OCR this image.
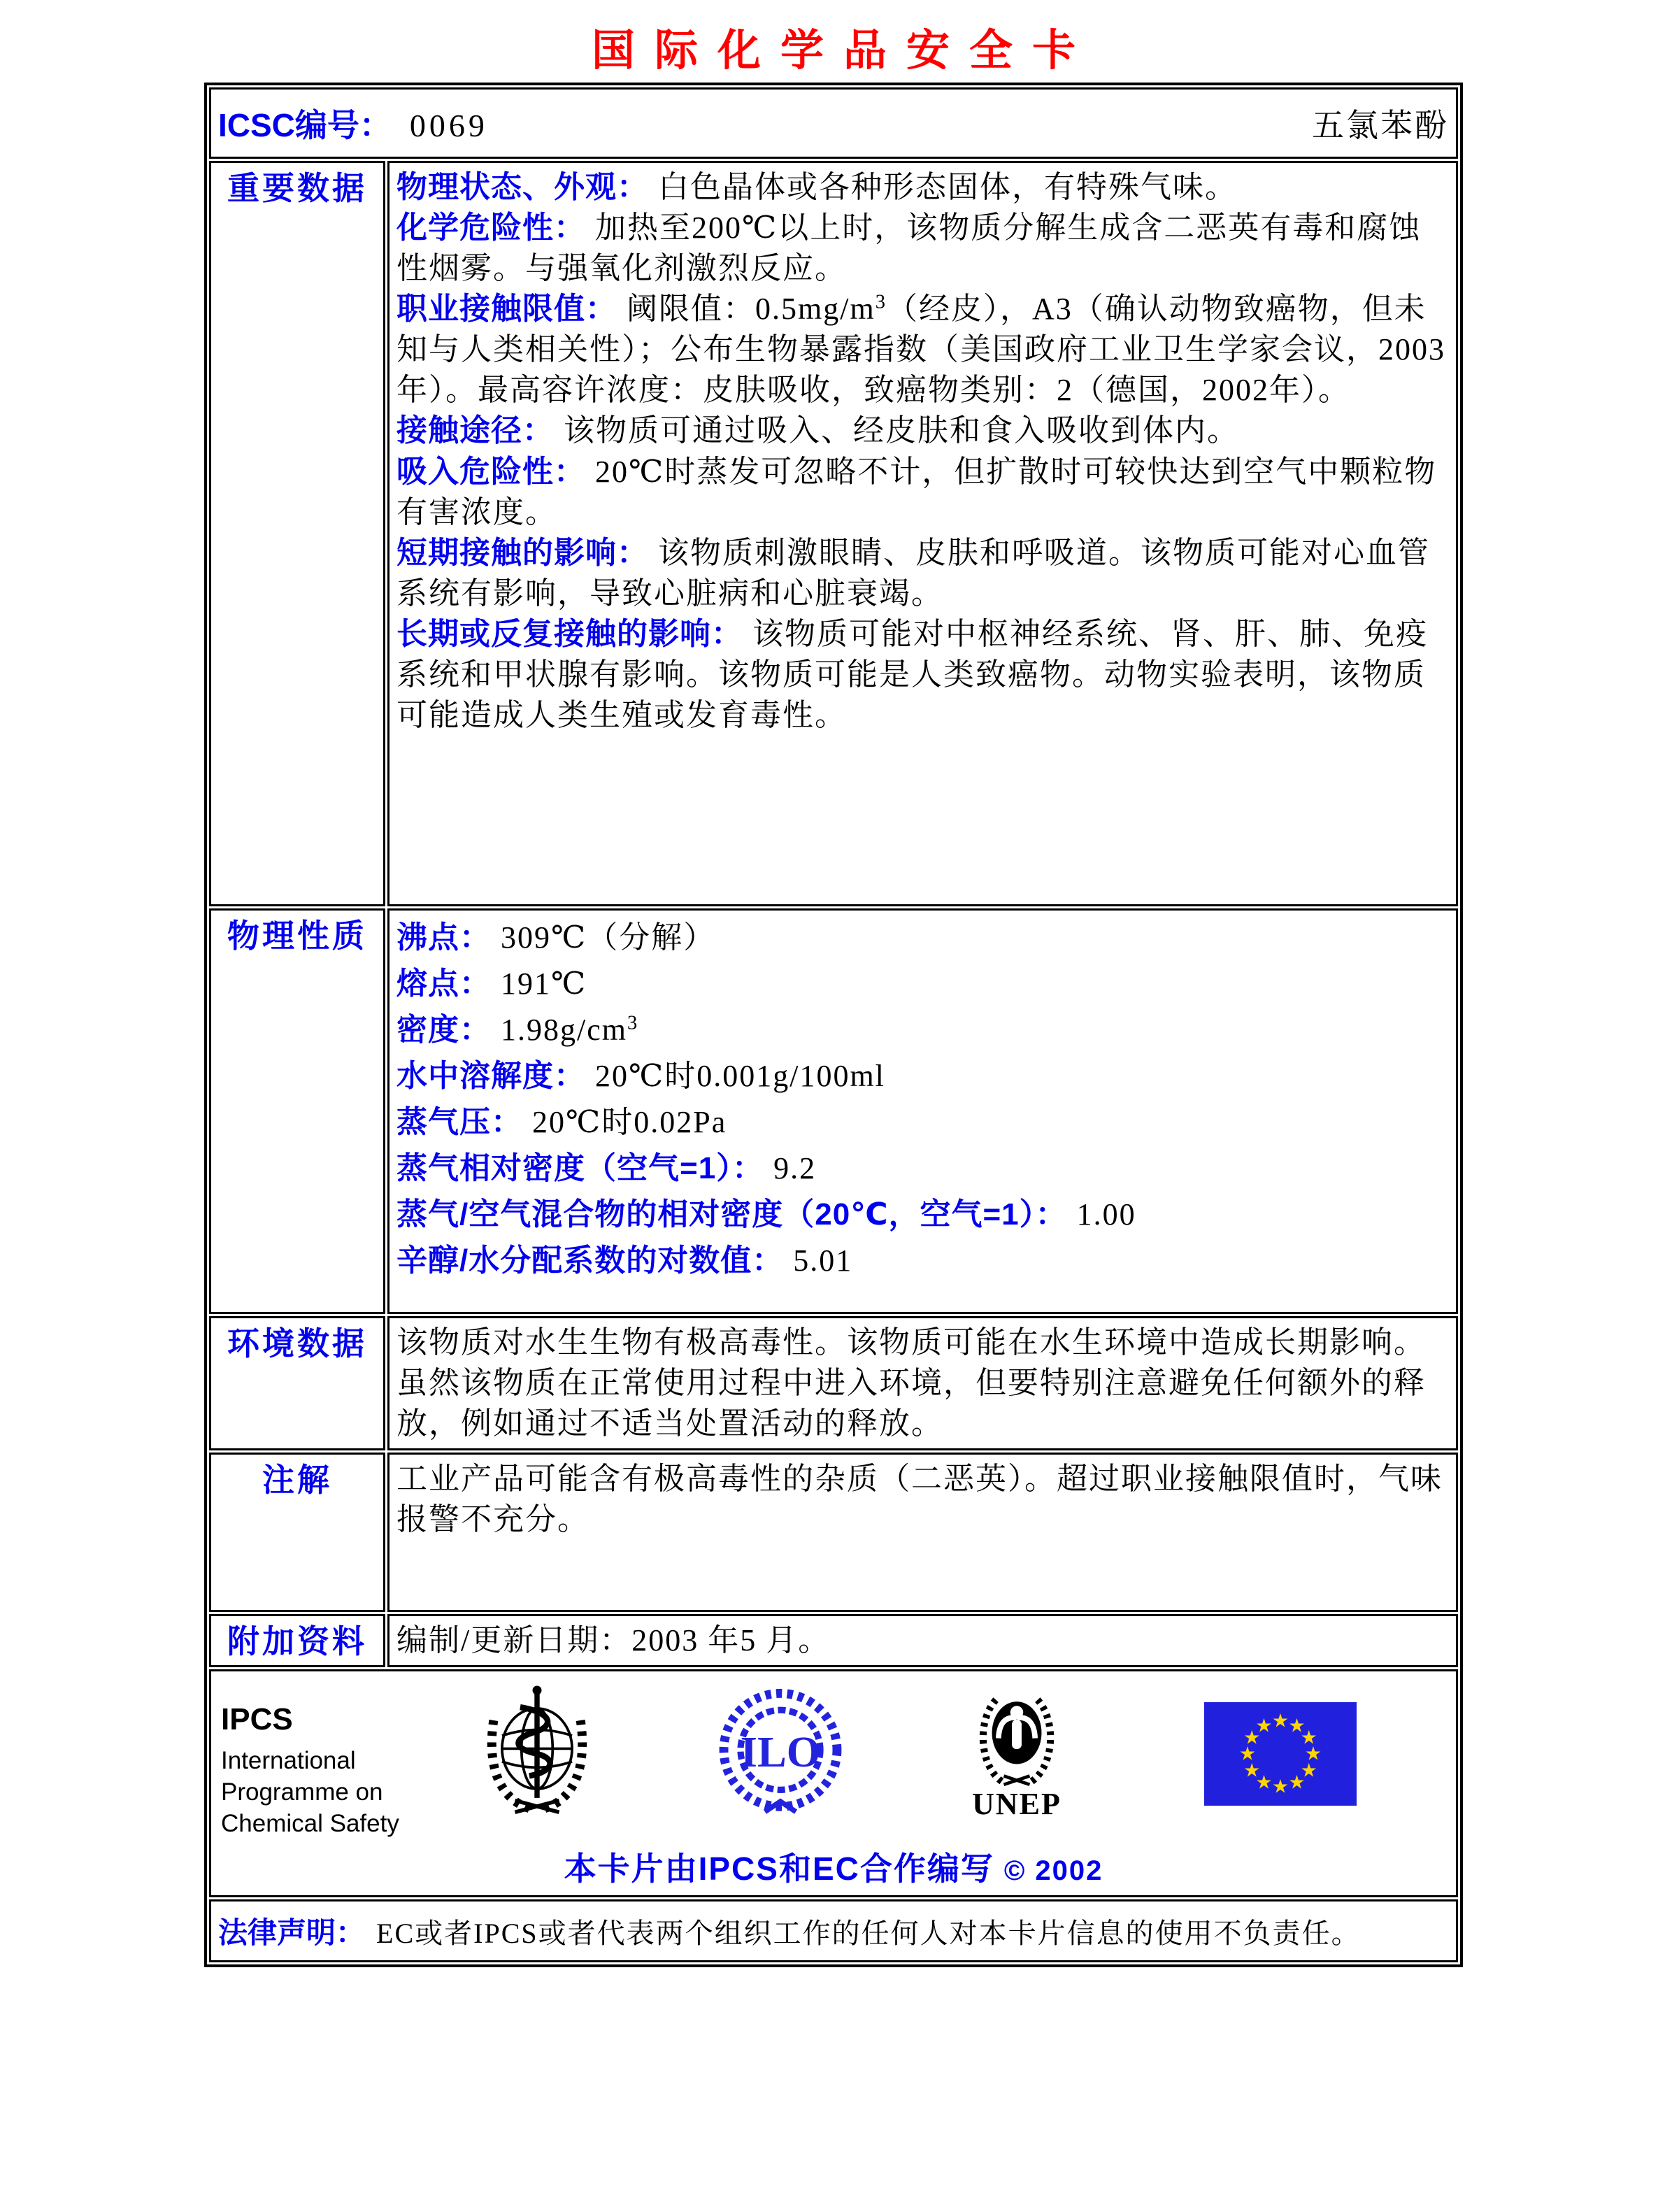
国际化学品安全卡
ICSC编号： 0069 五氯苯酚	

重要数据	物理状态、外观： 白色晶体或各种形态固体，有特殊气味。
化学危险性： 加热至200℃以上时，该物质分解生成含二恶英有毒和腐蚀性烟雾。与强氧化剂激烈反应。
职业接触限值： 阈限值：$0.5mg/m^3$（经皮），A3（确认动物致癌物，但未知与人类相关性）；公布生物暴露指数（美国政府工业卫生学家会议，2003年）。最高容许浓度：皮肤吸收，致癌物类别：2（德国，2002年）。
接触途径： 该物质可通过吸入、经皮肤和食入吸收到体内。
吸入危险性： 20℃时蒸发可忽略不计，但扩散时可较快达到空气中颗粒物有害浓度。
短期接触的影响： 该物质刺激眼睛、皮肤和呼吸道。该物质可能对心血管系统有影响，导致心脏病和心脏衰竭。
长期或反复接触的影响： 该物质可能对中枢神经系统、肾、肝、肺、免疫系统和甲状腺有影响。该物质可能是人类致癌物。动物实验表明，该物质可能造成人类生殖或发育毒性。

物理性质	沸点： 309℃（分解）
熔点： 191℃
密度： $1.98g/cm^3$
水中溶解度： 20℃时0.001g/100ml
蒸气压： 20℃时0.02Pa
蒸气相对密度（空气=1）： 9.2
蒸气/空气混合物的相对密度（20℃，空气=1）： 1.00
辛醇/水分配系数的对数值： 5.01

环境数据	该物质对水生生物有极高毒性。该物质可能在水生环境中造成长期影响。虽然该物质在正常使用过程中进入环境，但要特别注意避免任何额外的释放，例如通过不适当处置活动的释放。

注解	工业产品可能含有极高毒性的杂质（二恶英）。超过职业接触限值时，气味报警不充分。

附加资料	编制/更新日期：2003 年5 月。

IPCS
International
Programme on
Chemical Safety
ILO
UNEP
★ ★
★
★
★
★
★
★
★
★
★
★
本卡片由IPCS和EC合作编写 © 2002

法律声明： EC或者IPCS或者代表两个组织工作的任何人对本卡片信息的使用不负责任。	
